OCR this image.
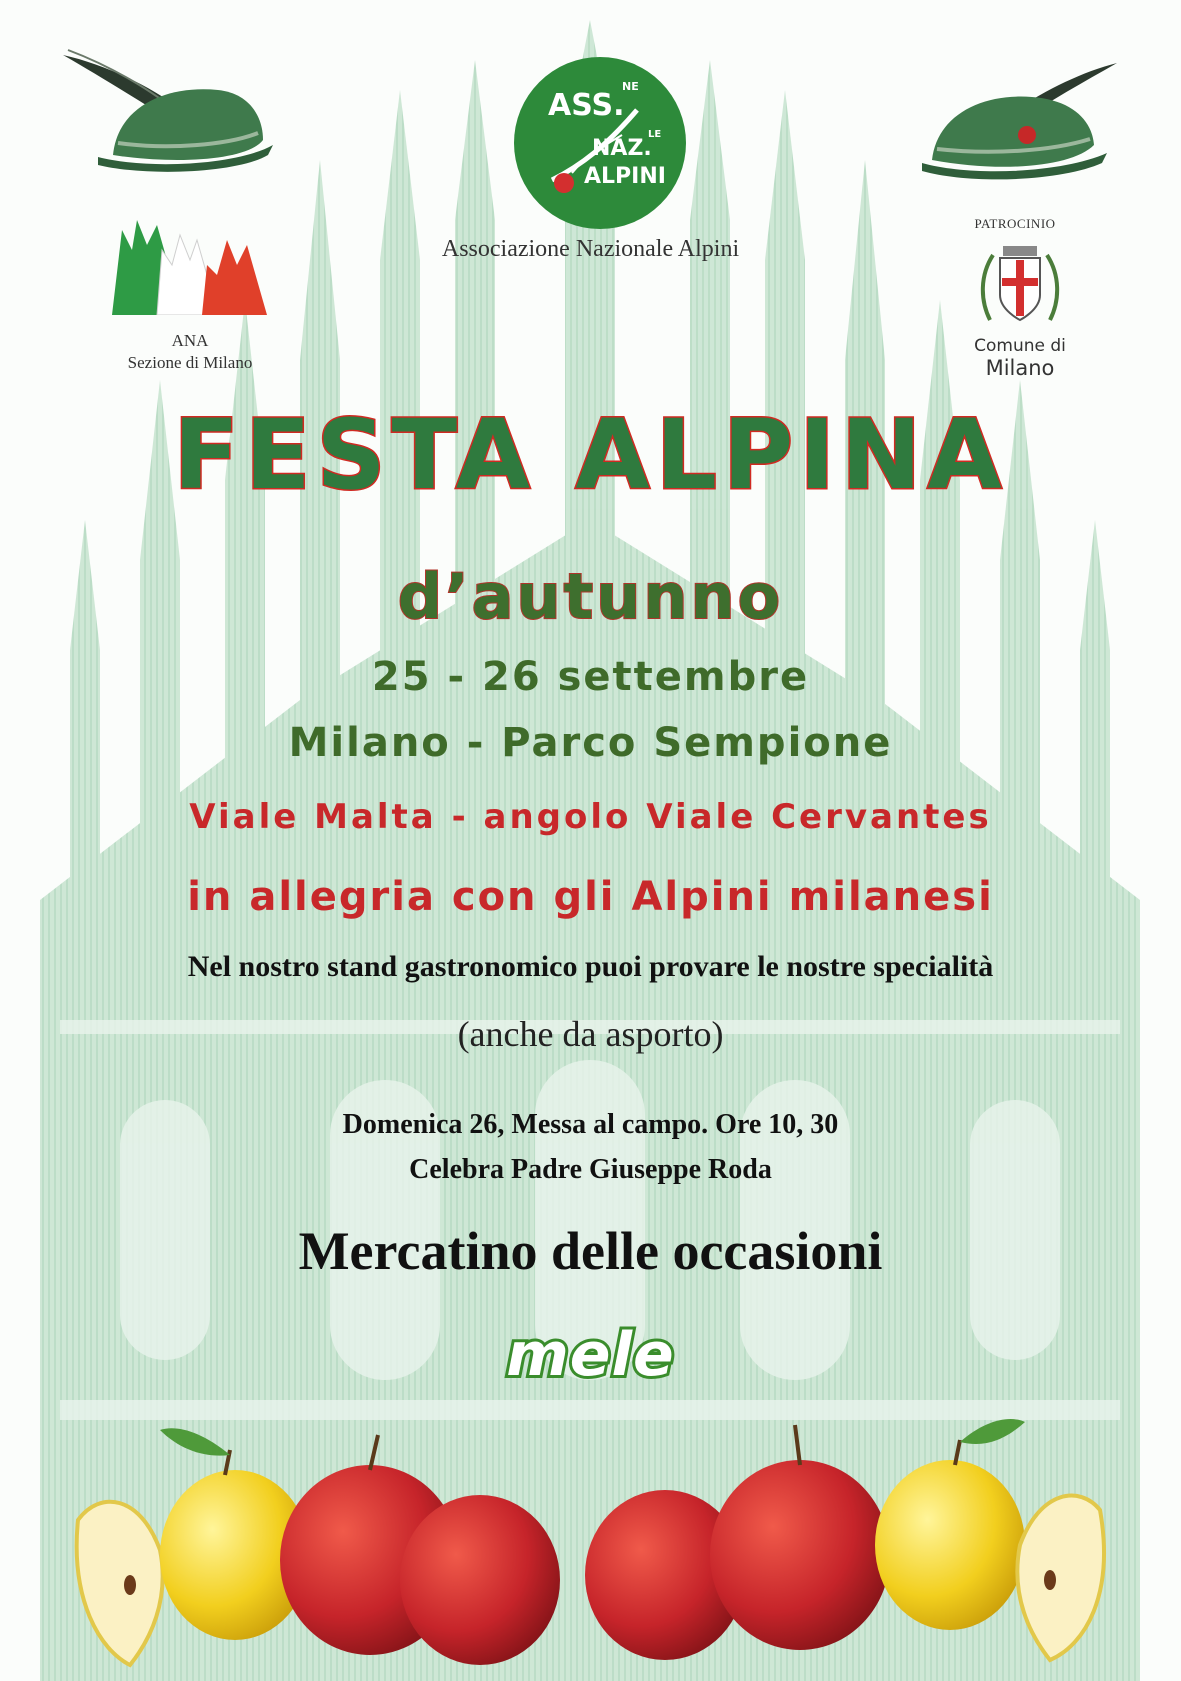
ASS.
NE
NAZ.
LE
ALPINI
Associazione Nazionale Alpini
ANA
Sezione di Milano
PATROCINIO
Comune di
Milano
FESTA ALPINA
d’autunno
25 - 26 settembre
Milano - Parco Sempione
Viale Malta - angolo Viale Cervantes
in allegria con gli Alpini milanesi
Nel nostro stand gastronomico puoi provare le nostre specialità
(anche da asporto)
Domenica 26, Messa al campo. Ore 10, 30
Celebra Padre Giuseppe Roda
Mercatino delle occasioni
mele
